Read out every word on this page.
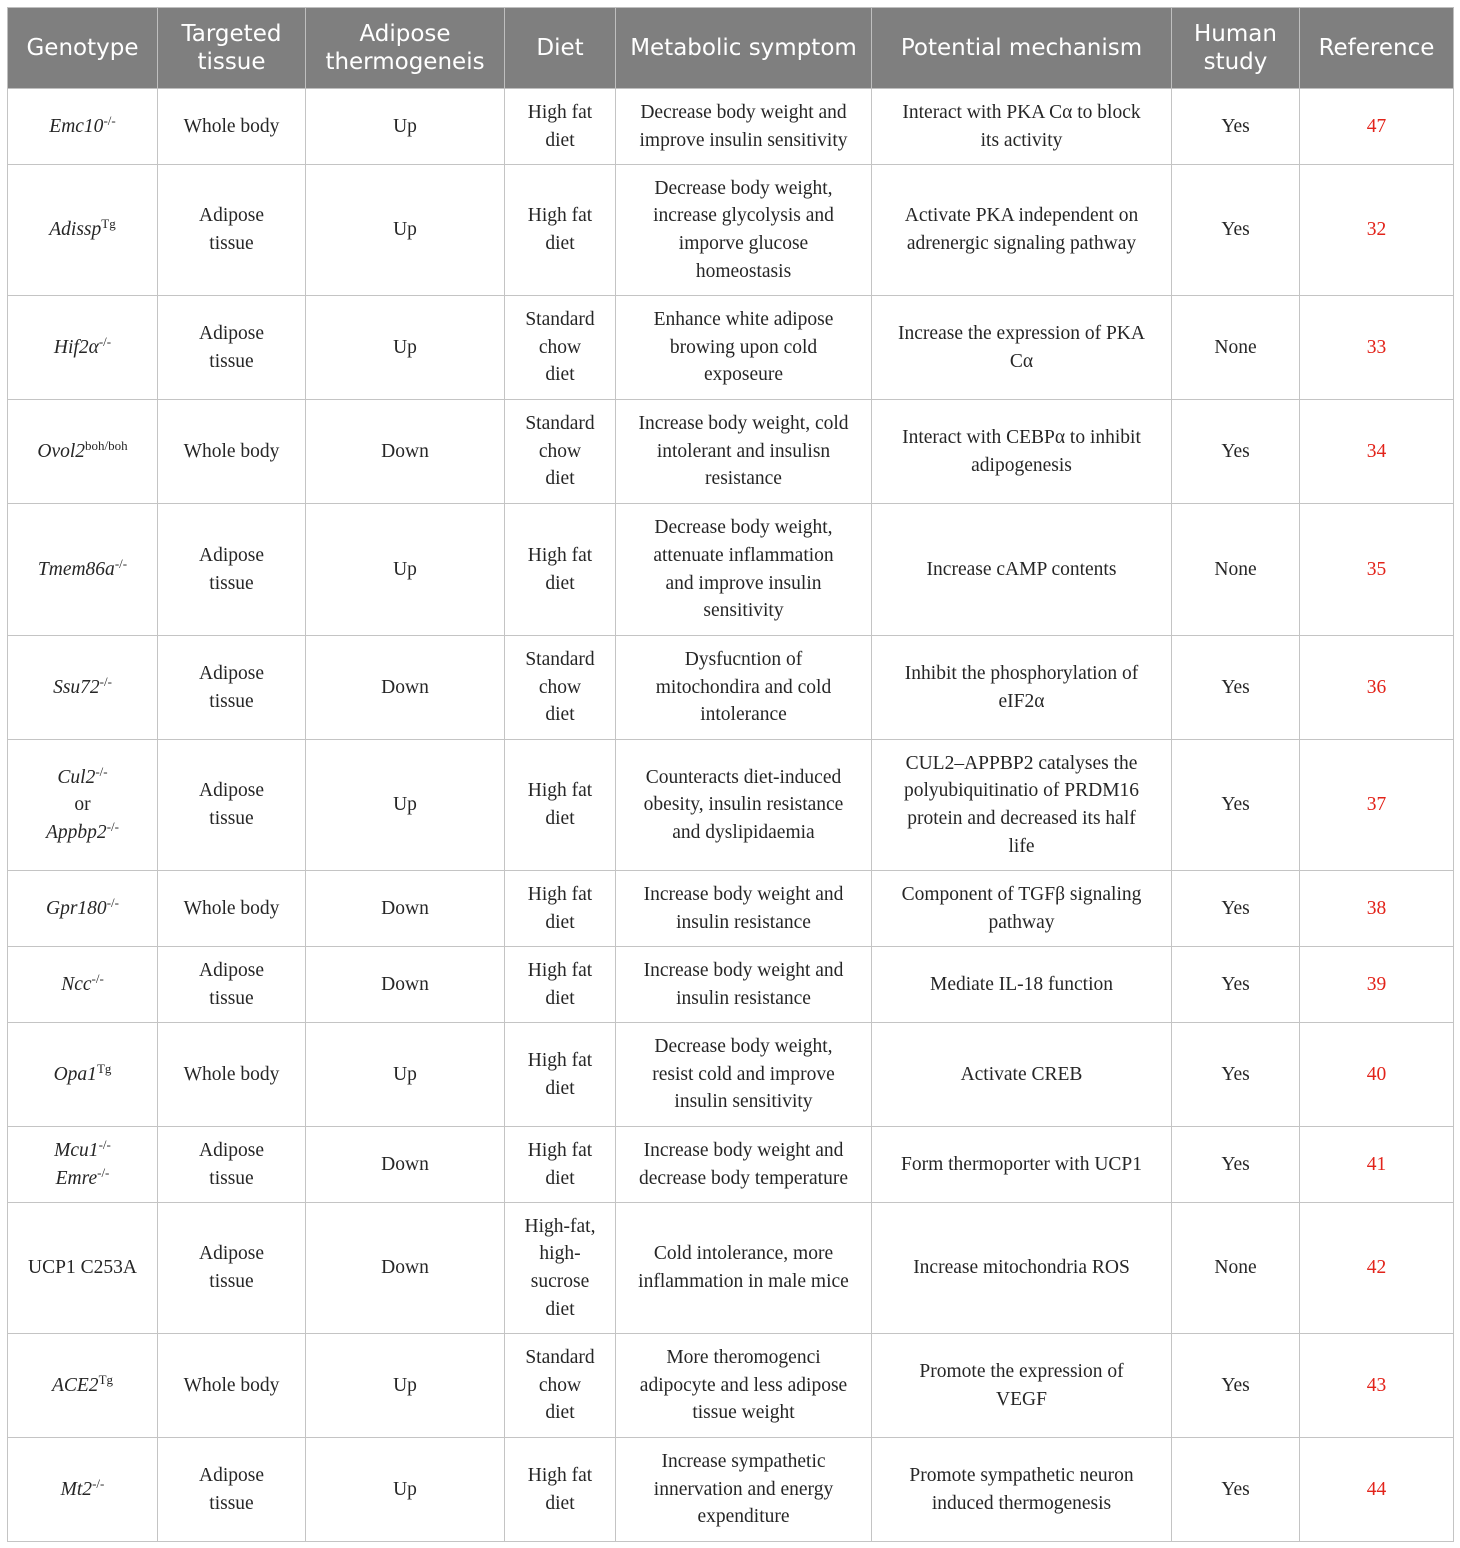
Genotype	Targeted tissue	Adipose thermogeneis	Diet	Metabolic symptom	Potential mechanism	Human study	Reference
Emc10-/-	Whole body	Up	High fat
diet	Decrease body weight and
improve insulin sensitivity	Interact with PKA Cα to block
its activity	Yes	47
Adissp$^{Tg}$	Adipose
tissue	Up	High fat
diet	Decrease body weight,
increase glycolysis and
imporve glucose
homeostasis	Activate PKA independent on
adrenergic signaling pathway	Yes	32
Hif2α-/-	Adipose
tissue	Up	Standard
chow
diet	Enhance white adipose
browing upon cold
exposeure	Increase the expression of PKA
Cα	None	33
$Ovol2^{boh/boh}$	Whole body	Down	Standard
chow
diet	Increase body weight, cold
intolerant and insulisn
resistance	Interact with CEBPα to inhibit
adipogenesis	Yes	34
Tmem86a-/-	Adipose
tissue	Up	High fat
diet	Decrease body weight,
attenuate inflammation
and improve insulin
sensitivity	Increase cAMP contents	None	35
Ssu72-/-	Adipose
tissue	Down	Standard
chow
diet	Dysfucntion of
mitochondira and cold
intolerance	Inhibit the phosphorylation of
eIF2α	Yes	36
Cul2-/-
or
Appbp2-/-	Adipose
tissue	Up	High fat
diet	Counteracts diet-induced
obesity, insulin resistance
and dyslipidaemia	CUL2–APPBP2 catalyses the
polyubiquitinatio of PRDM16
protein and decreased its half
life	Yes	37
Gpr180-/-	Whole body	Down	High fat
diet	Increase body weight and
insulin resistance	Component of TGFβ signaling
pathway	Yes	38
Ncc-/-	Adipose
tissue	Down	High fat
diet	Increase body weight and
insulin resistance	Mediate IL-18 function	Yes	39
$Opa1^{Tg}$	Whole body	Up	High fat
diet	Decrease body weight,
resist cold and improve
insulin sensitivity	Activate CREB	Yes	40
Mcu1-/-
Emre-/-	Adipose
tissue	Down	High fat
diet	Increase body weight and
decrease body temperature	Form thermoporter with UCP1	Yes	41
UCP1 C253A	Adipose
tissue	Down	High-fat,
high-
sucrose
diet	Cold intolerance, more
inflammation in male mice	Increase mitochondria ROS	None	42
$ACE2^{Tg}$	Whole body	Up	Standard
chow
diet	More theromogenci
adipocyte and less adipose
tissue weight	Promote the expression of
VEGF	Yes	43
Mt2-/-	Adipose
tissue	Up	High fat
diet	Increase sympathetic
innervation and energy
expenditure	Promote sympathetic neuron
induced thermogenesis	Yes	44
